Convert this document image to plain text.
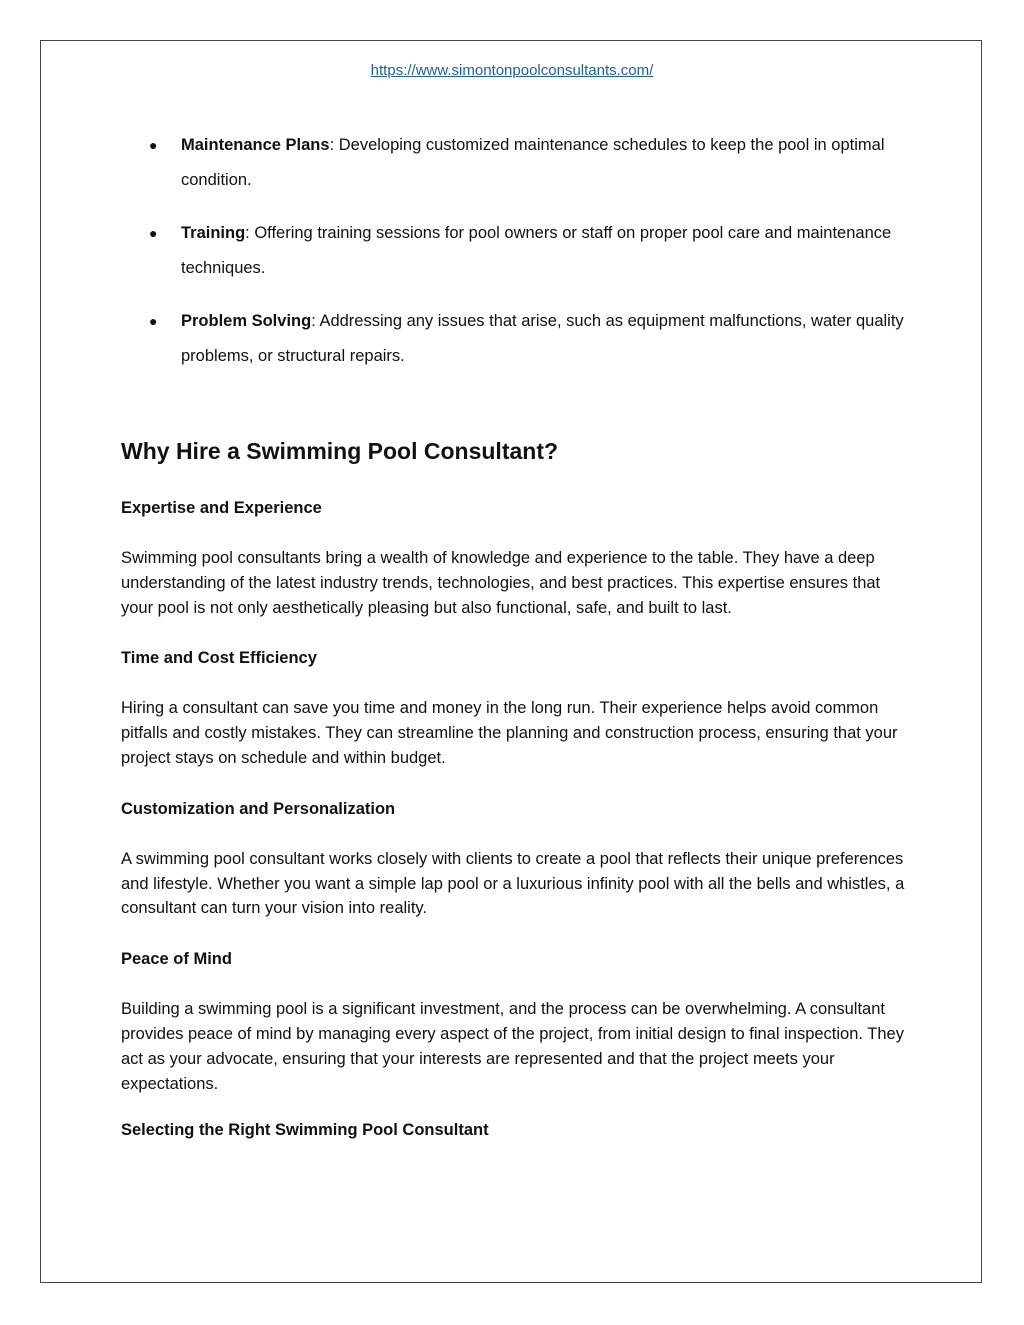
https://www.simontonpoolconsultants.com/
● Maintenance Plans: Developing customized maintenance schedules to keep the pool in optimal condition.
● Training: Offering training sessions for pool owners or staff on proper pool care and maintenance techniques.
● Problem Solving: Addressing any issues that arise, such as equipment malfunctions, water quality problems, or structural repairs.
Why Hire a Swimming Pool Consultant?

Expertise and Experience

Swimming pool consultants bring a wealth of knowledge and experience to the table. They have a deep understanding of the latest industry trends, technologies, and best practices. This expertise ensures that your pool is not only aesthetically pleasing but also functional, safe, and built to last.

Time and Cost Efficiency

Hiring a consultant can save you time and money in the long run. Their experience helps avoid common pitfalls and costly mistakes. They can streamline the planning and construction process, ensuring that your project stays on schedule and within budget.

Customization and Personalization

A swimming pool consultant works closely with clients to create a pool that reflects their unique preferences and lifestyle. Whether you want a simple lap pool or a luxurious infinity pool with all the bells and whistles, a consultant can turn your vision into reality.

Peace of Mind

Building a swimming pool is a significant investment, and the process can be overwhelming. A consultant provides peace of mind by managing every aspect of the project, from initial design to final inspection. They act as your advocate, ensuring that your interests are represented and that the project meets your expectations.

Selecting the Right Swimming Pool Consultant
